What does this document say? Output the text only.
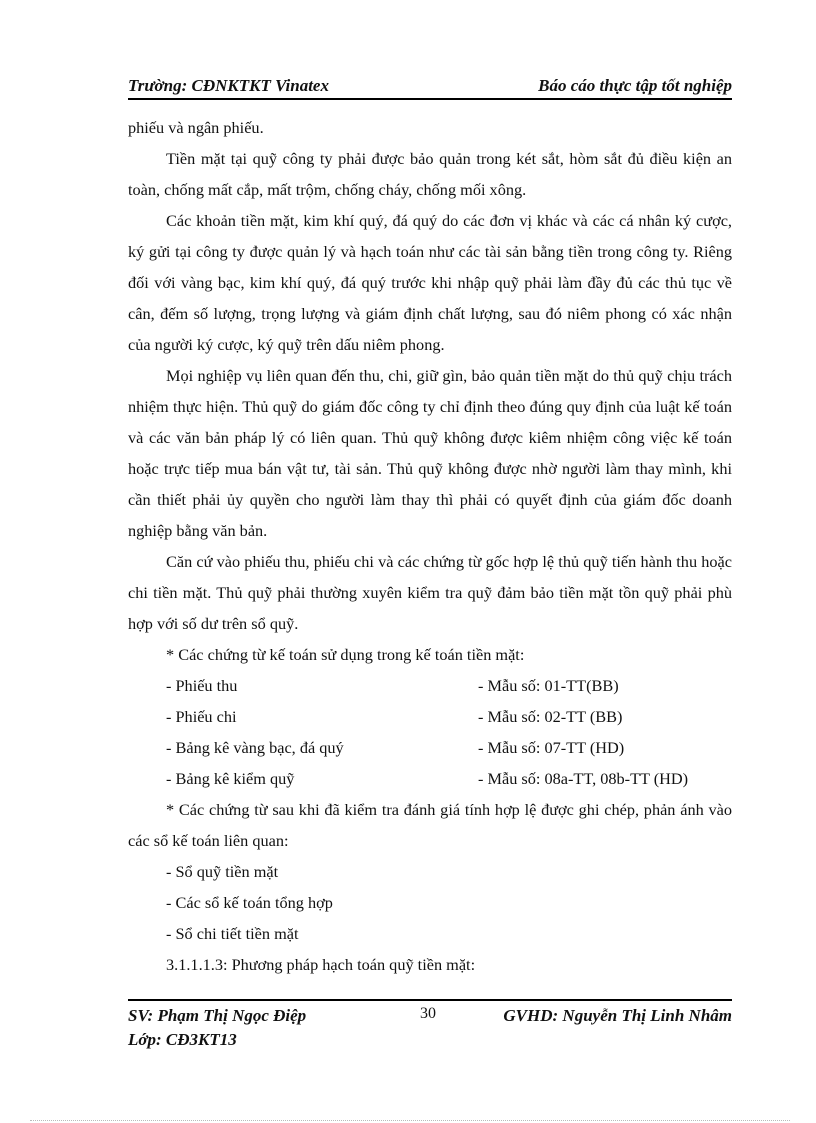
Trường: CĐNKTKT Vinatex	Báo cáo thực tập tốt nghiệp

phiếu và ngân phiếu.

Tiền mặt tại quỹ công ty phải được bảo quản trong két sắt, hòm sắt đủ điều kiện an toàn, chống mất cắp, mất trộm, chống cháy, chống mối xông.

Các khoản tiền mặt, kim khí quý, đá quý do các đơn vị khác và các cá nhân ký cược, ký gửi tại công ty được quản lý và hạch toán như các tài sản bằng tiền trong công ty. Riêng đối với vàng bạc, kim khí quý, đá quý trước khi nhập quỹ phải làm đầy đủ các thủ tục về cân, đếm số lượng, trọng lượng và giám định chất lượng, sau đó niêm phong có xác nhận của người ký cược, ký quỹ trên dấu niêm phong.

Mọi nghiệp vụ liên quan đến thu, chi, giữ gìn, bảo quản tiền mặt do thủ quỹ chịu trách nhiệm thực hiện. Thủ quỹ do giám đốc công ty chỉ định theo đúng quy định của luật kế toán và các văn bản pháp lý có liên quan. Thủ quỹ không được kiêm nhiệm công việc kế toán hoặc trực tiếp mua bán vật tư, tài sản. Thủ quỹ không được nhờ người làm thay mình, khi cần thiết phải ủy quyền cho người làm thay thì phải có quyết định của giám đốc doanh nghiệp bằng văn bản.

Căn cứ vào phiếu thu, phiếu chi và các chứng từ gốc hợp lệ thủ quỹ tiến hành thu hoặc chi tiền mặt. Thủ quỹ phải thường xuyên kiểm tra quỹ đảm bảo tiền mặt tồn quỹ phải phù hợp với số dư trên sổ quỹ.

* Các chứng từ kế toán sử dụng trong kế toán tiền mặt:

- Phiếu thu	- Mẫu số: 01-TT(BB)
- Phiếu chi	- Mẫu số: 02-TT (BB)
- Bảng kê vàng bạc, đá quý	- Mẫu số: 07-TT (HD)
- Bảng kê kiểm quỹ	- Mẫu số: 08a-TT, 08b-TT (HD)

* Các chứng từ sau khi đã kiểm tra đánh giá tính hợp lệ được ghi chép, phản ánh vào các sổ kế toán liên quan:

- Sổ quỹ tiền mặt

- Các sổ kế toán tổng hợp

- Sổ chi tiết tiền mặt

3.1.1.1.3: Phương pháp hạch toán quỹ tiền mặt:

SV: Phạm Thị Ngọc Điệp
Lớp: CĐ3KT13
30	GVHD: Nguyễn Thị Linh Nhâm
